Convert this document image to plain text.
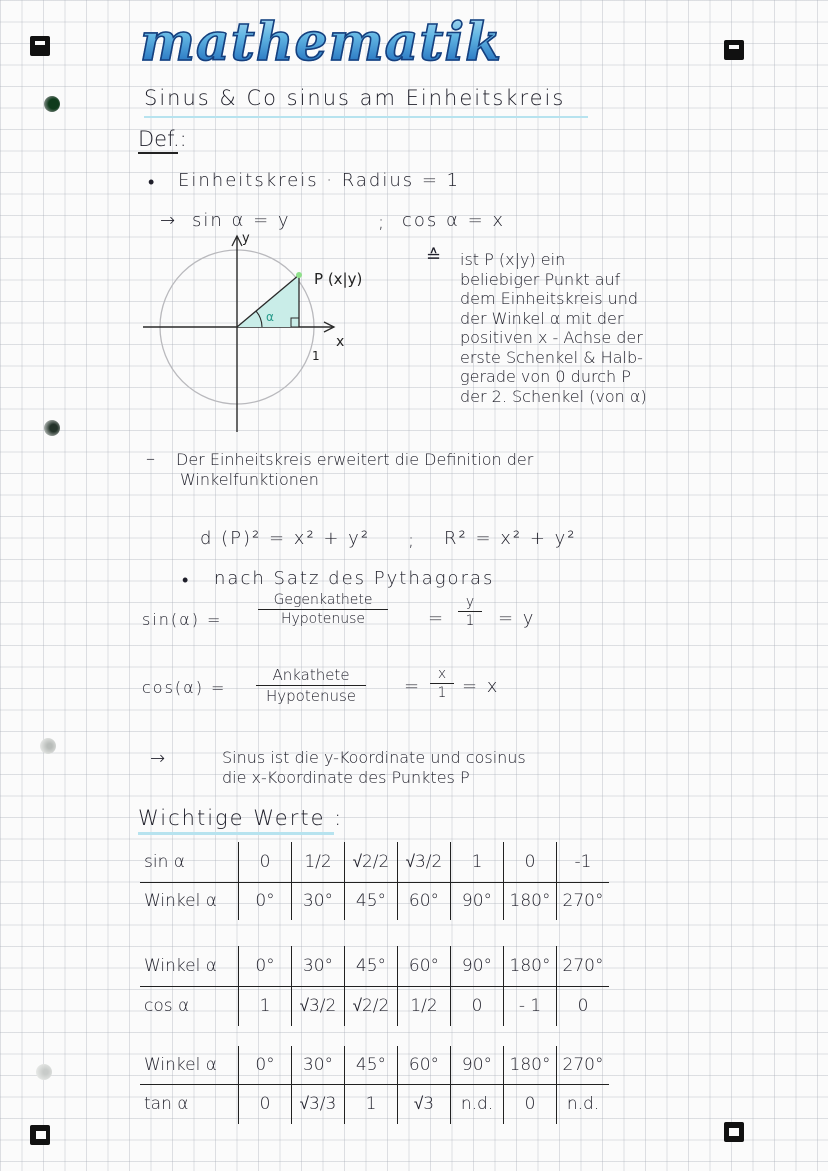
mathematik
Sinus & Co sinus am Einheitskreis
Def.:
• Einheitskreis · Radius = 1
→ sin α = y	; cos α = x
α
y
x
1
P (x|y)
≙ ist P (x|y) ein
beliebiger Punkt auf
dem Einheitskreis und
der Winkel α mit der
positiven x - Achse der
erste Schenkel & Halb-
gerade von 0 durch P
der 2. Schenkel (von α)
– Der Einheitskreis erweitert die Definition der
Winkelfunktionen
d (P)² = x² + y² ; R² = x² + y²
• nach Satz des Pythagoras
sin(α) =
Gegenkathete
Hypotenuse	=
y
1	= y
cos(α) =
Ankathete
Hypotenuse	=
x
1 = x
→	Sinus ist die y-Koordinate und cosinus
die x-Koordinate des Punktes P
Wichtige Werte :
sin α	0	1/2	√2/2	√3/2	1	0	-1
Winkel α	0°	30°	45°	60°	90°	180°	270°
Winkel α	0°	30°	45°	60°	90°	180°	270°
cos α	1	√3/2	√2/2	1/2	0	- 1	0
Winkel α	0°	30°	45°	60°	90°	180°	270°
tan α	0	√3/3	1	√3	n.d.	0	n.d.
